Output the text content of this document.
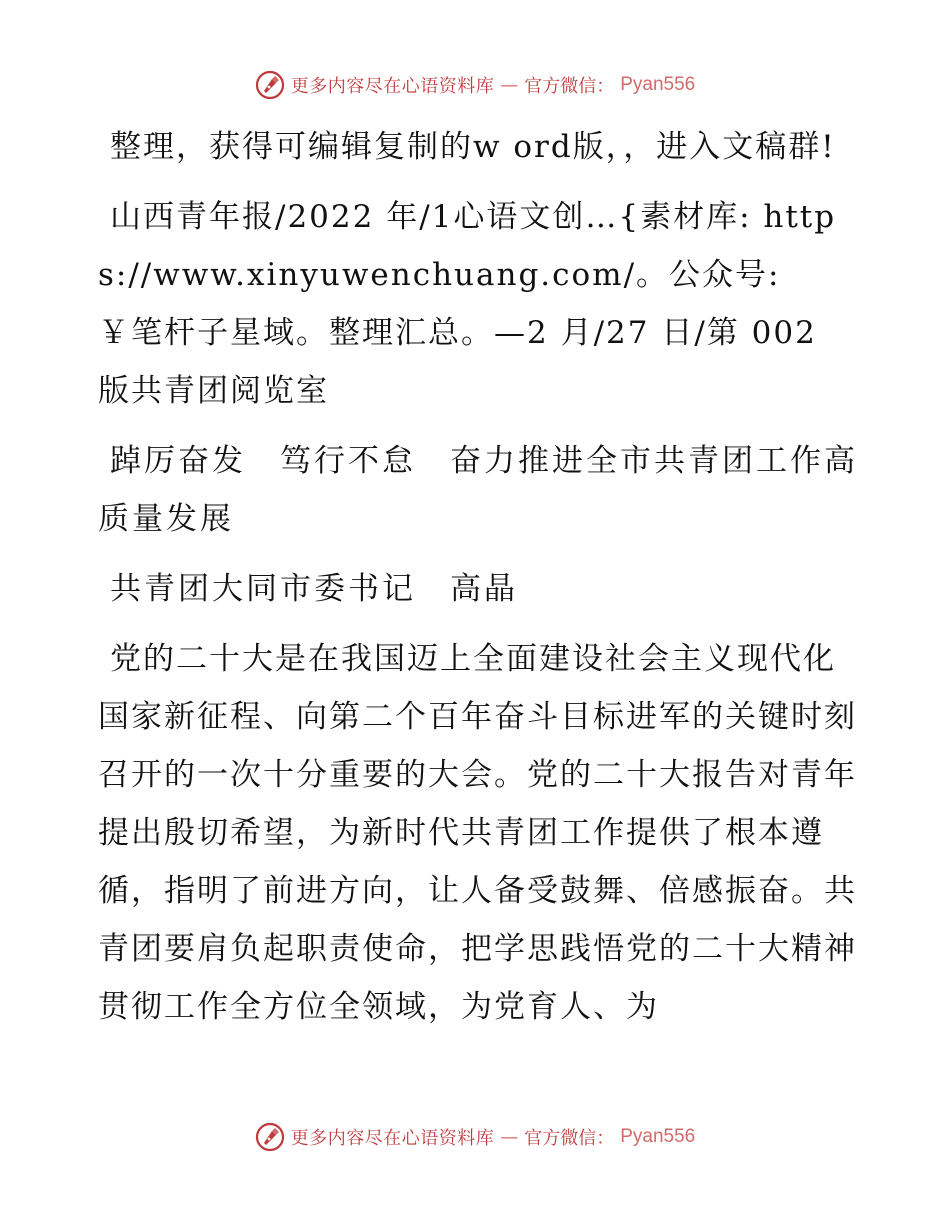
更多内容尽在心语资料库 — 官方微信： Pyan556

整理，获得可编辑复制的w ord版，，进入文稿群!

山西青年报/2022 年/1心语文创…{素材库: https://www.xinyuwenchuang.com/。公众号: ￥笔杆子星域。整理汇总。—2 月/27 日/第 002 版共青团阅览室

踔厉奋发　笃行不怠　奋力推进全市共青团工作高质量发展

共青团大同市委书记　高晶

党的二十大是在我国迈上全面建设社会主义现代化国家新征程、向第二个百年奋斗目标进军的关键时刻召开的一次十分重要的大会。党的二十大报告对青年提出殷切希望，为新时代共青团工作提供了根本遵循，指明了前进方向，让人备受鼓舞、倍感振奋。共青团要肩负起职责使命，把学思践悟党的二十大精神贯彻工作全方位全领域，为党育人、为

更多内容尽在心语资料库 — 官方微信： Pyan556
